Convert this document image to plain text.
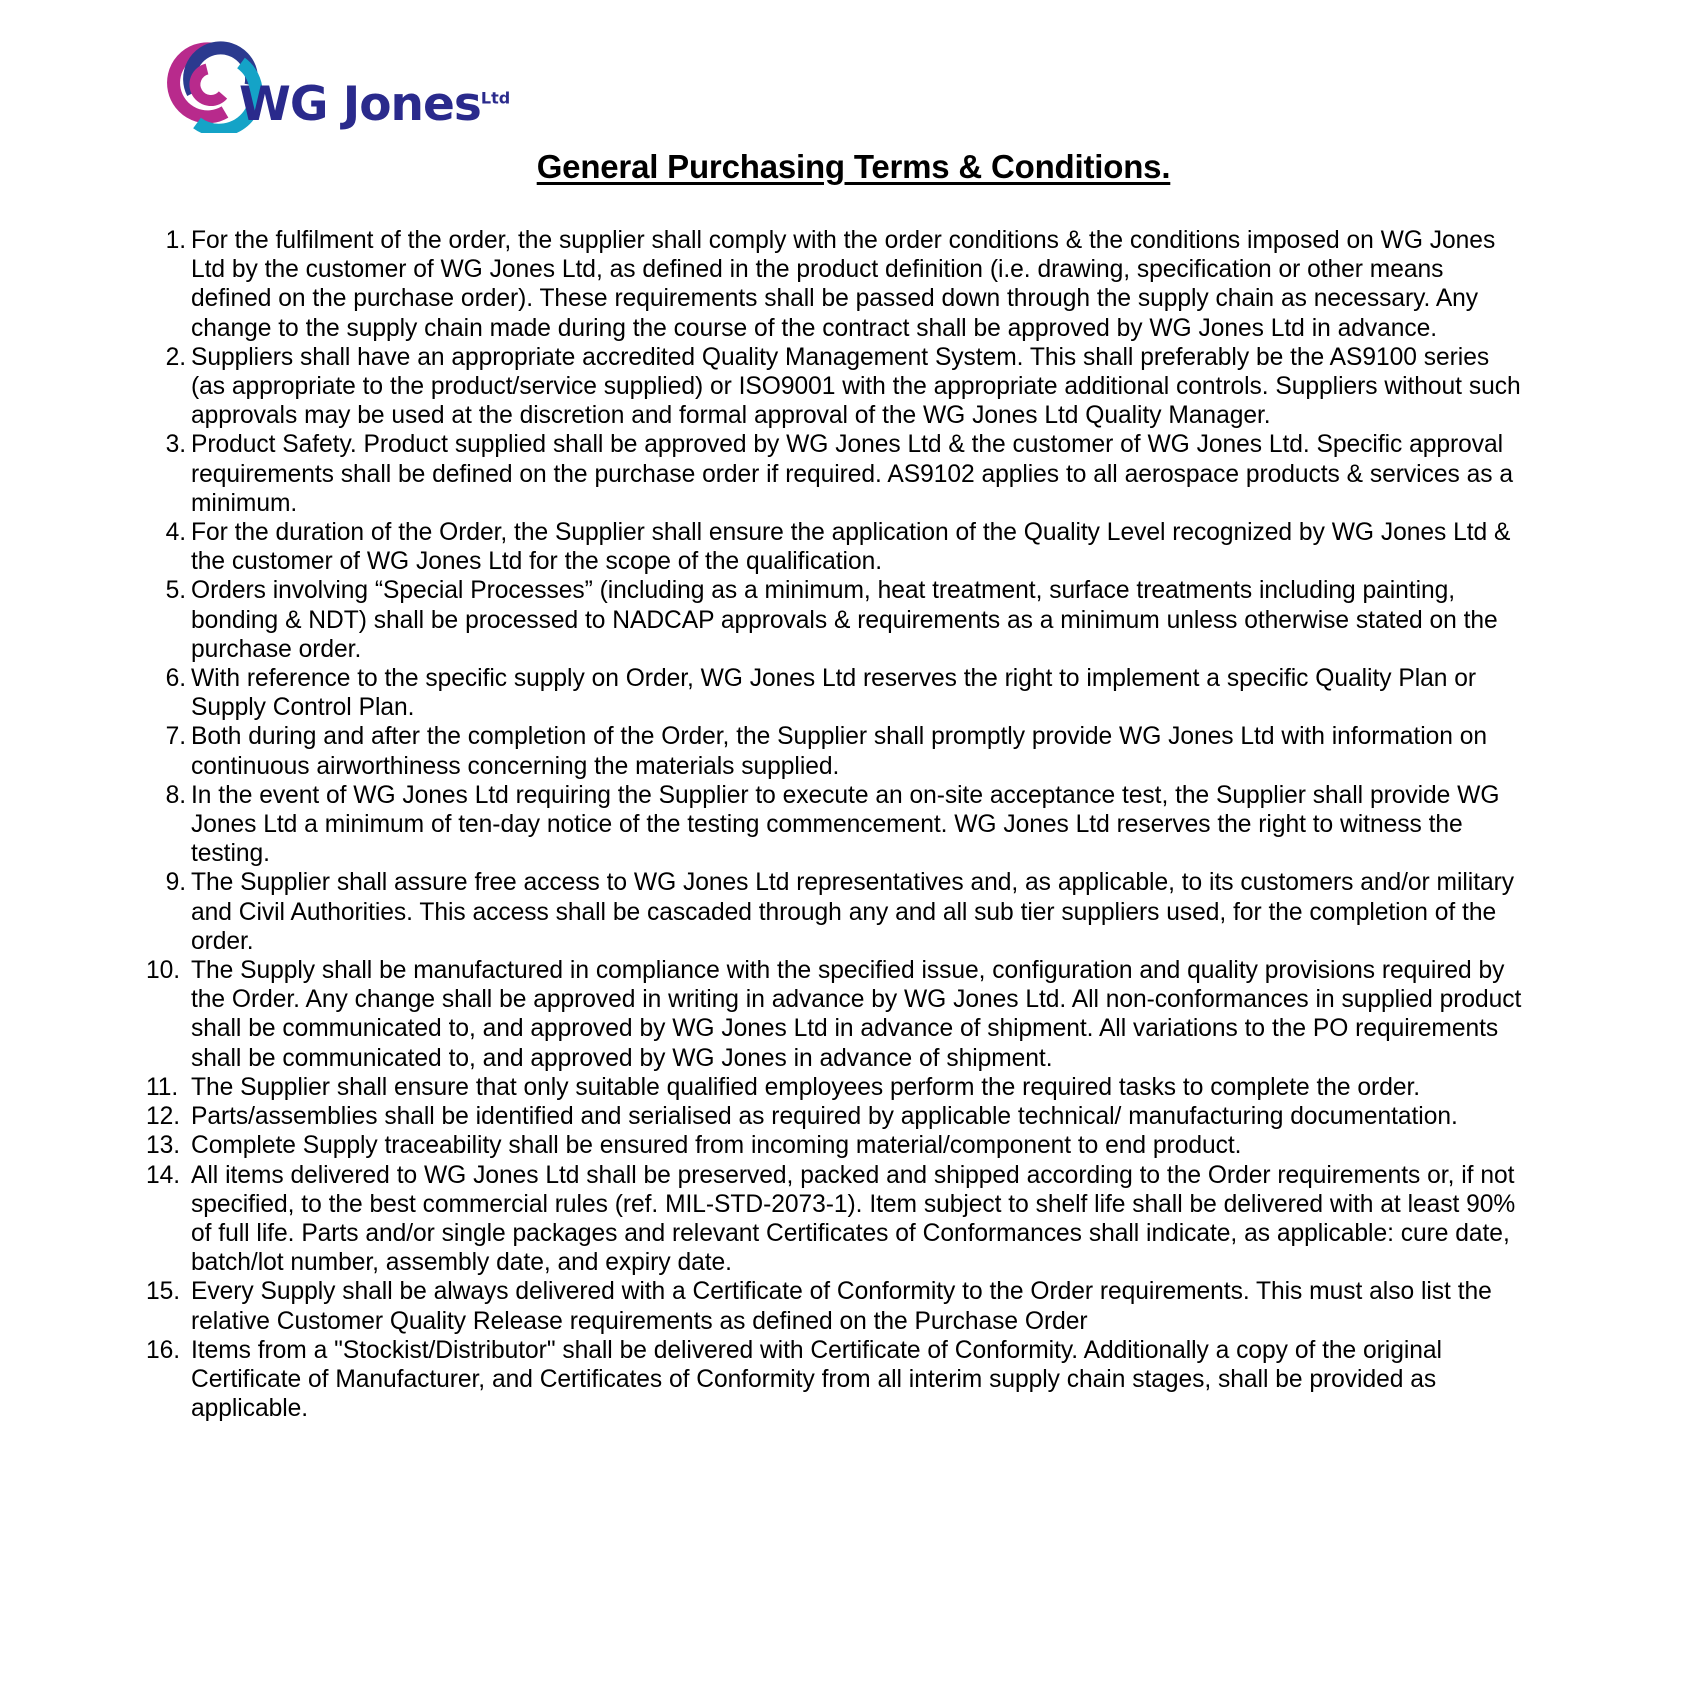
WG Jones$^{Ltd}$
General Purchasing Terms & Conditions.
1. For the fulfilment of the order, the supplier shall comply with the order conditions & the conditions imposed on WG Jones Ltd by the customer of WG Jones Ltd, as defined in the product definition (i.e. drawing, specification or other means defined on the purchase order). These requirements shall be passed down through the supply chain as necessary. Any change to the supply chain made during the course of the contract shall be approved by WG Jones Ltd in advance.
2. Suppliers shall have an appropriate accredited Quality Management System. This shall preferably be the AS9100 series (as appropriate to the product/service supplied) or ISO9001 with the appropriate additional controls. Suppliers without such approvals may be used at the discretion and formal approval of the WG Jones Ltd Quality Manager.
3. Product Safety. Product supplied shall be approved by WG Jones Ltd & the customer of WG Jones Ltd. Specific approval requirements shall be defined on the purchase order if required. AS9102 applies to all aerospace products & services as a minimum.
4. For the duration of the Order, the Supplier shall ensure the application of the Quality Level recognized by WG Jones Ltd & the customer of WG Jones Ltd for the scope of the qualification.
5. Orders involving “Special Processes” (including as a minimum, heat treatment, surface treatments including painting, bonding & NDT) shall be processed to NADCAP approvals & requirements as a minimum unless otherwise stated on the purchase order.
6. With reference to the specific supply on Order, WG Jones Ltd reserves the right to implement a specific Quality Plan or Supply Control Plan.
7. Both during and after the completion of the Order, the Supplier shall promptly provide WG Jones Ltd with information on continuous airworthiness concerning the materials supplied.
8. In the event of WG Jones Ltd requiring the Supplier to execute an on-site acceptance test, the Supplier shall provide WG Jones Ltd a minimum of ten-day notice of the testing commencement. WG Jones Ltd reserves the right to witness the testing.
9. The Supplier shall assure free access to WG Jones Ltd representatives and, as applicable, to its customers and/or military and Civil Authorities. This access shall be cascaded through any and all sub tier suppliers used, for the completion of the order.
10. The Supply shall be manufactured in compliance with the specified issue, configuration and quality provisions required by the Order. Any change shall be approved in writing in advance by WG Jones Ltd. All non-conformances in supplied product shall be communicated to, and approved by WG Jones Ltd in advance of shipment. All variations to the PO requirements shall be communicated to, and approved by WG Jones in advance of shipment.
11. The Supplier shall ensure that only suitable qualified employees perform the required tasks to complete the order.
12. Parts/assemblies shall be identified and serialised as required by applicable technical/ manufacturing documentation.
13. Complete Supply traceability shall be ensured from incoming material/component to end product.
14. All items delivered to WG Jones Ltd shall be preserved, packed and shipped according to the Order requirements or, if not specified, to the best commercial rules (ref. MIL-STD-2073-1). Item subject to shelf life shall be delivered with at least 90% of full life. Parts and/or single packages and relevant Certificates of Conformances shall indicate, as applicable: cure date, batch/lot number, assembly date, and expiry date.
15. Every Supply shall be always delivered with a Certificate of Conformity to the Order requirements. This must also list the relative Customer Quality Release requirements as defined on the Purchase Order
16. Items from a "Stockist/Distributor" shall be delivered with Certificate of Conformity. Additionally a copy of the original Certificate of Manufacturer, and Certificates of Conformity from all interim supply chain stages, shall be provided as applicable.
